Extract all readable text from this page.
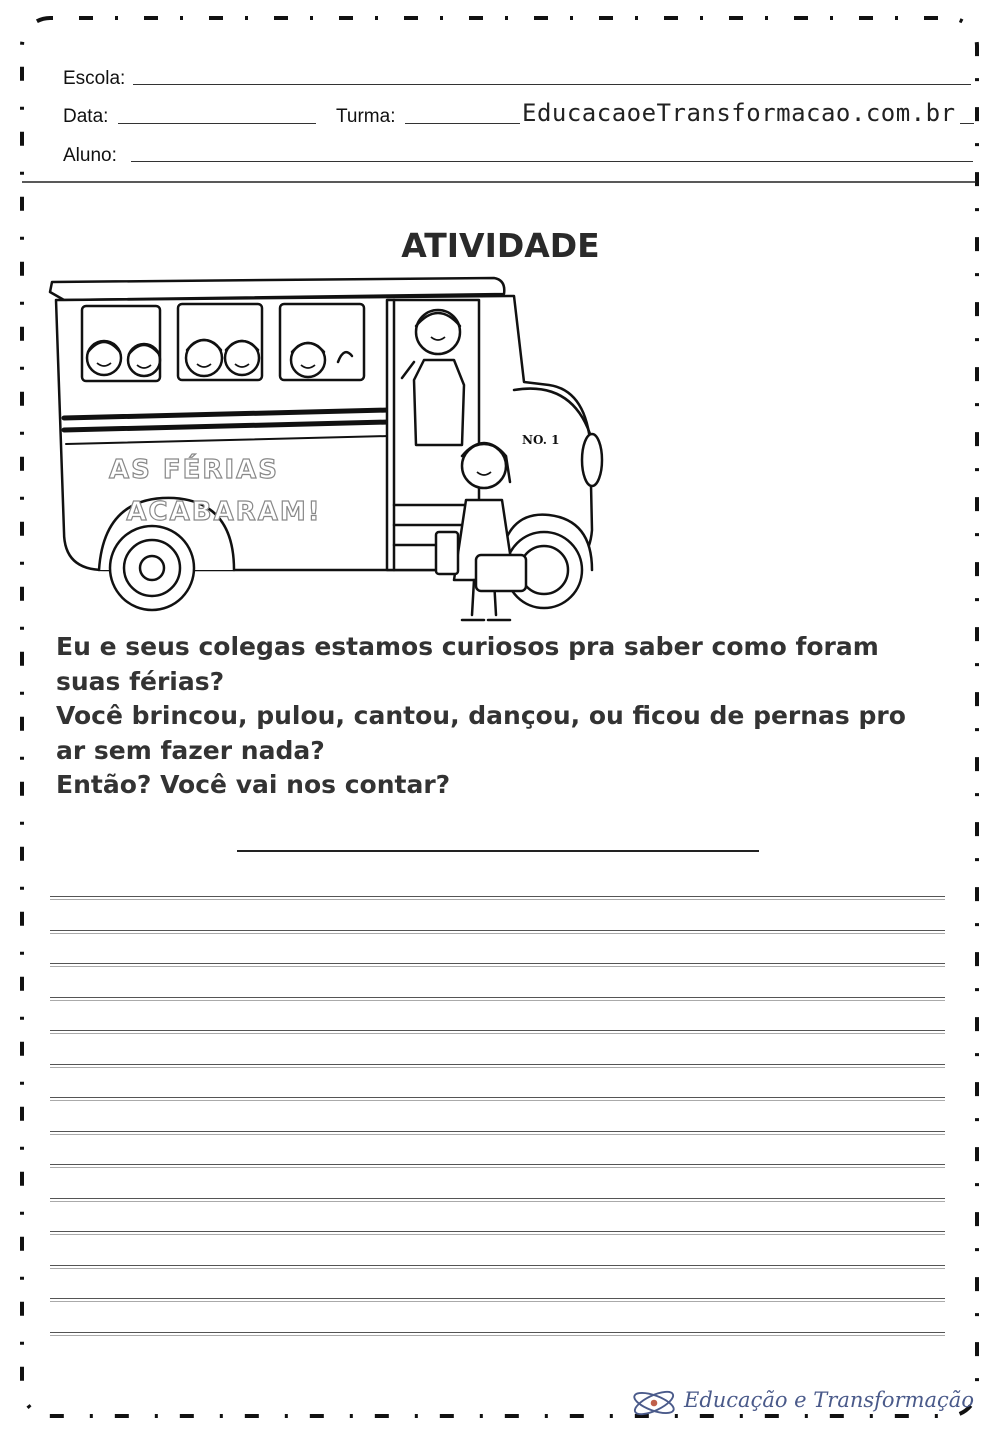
Escola:
Data:	Turma:	EducacaoeTransformacao.com.br
Aluno:
ATIVIDADE
AS FÉRIAS
ACABARAM!
NO. 1
Eu e seus colegas estamos curiosos pra saber como foram
suas férias?
Você brincou, pulou, cantou, dançou, ou ficou de pernas pro
ar sem fazer nada?
Então? Você vai nos contar?
Educação e Transformação
